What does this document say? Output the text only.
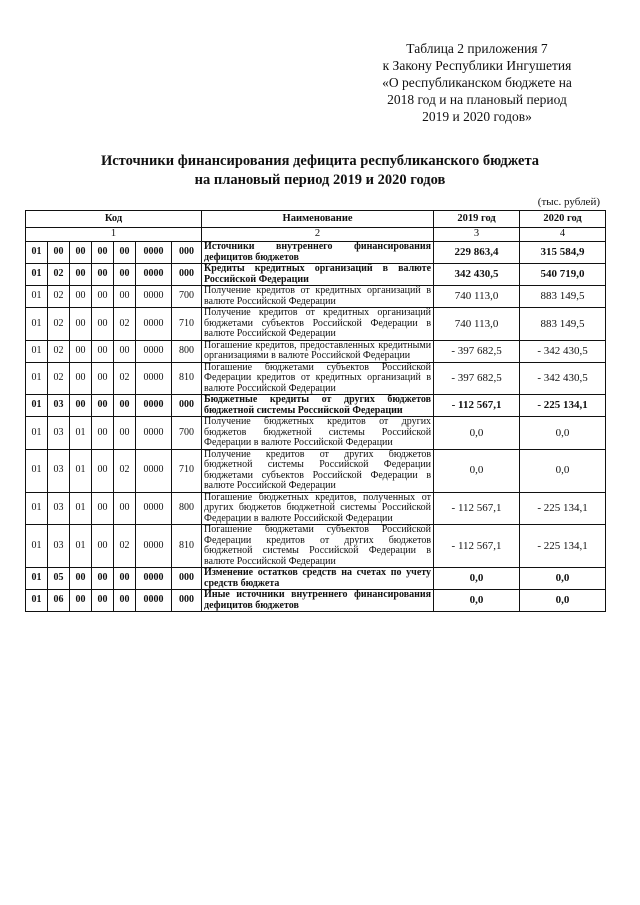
Таблица 2 приложения 7
к Закону Республики Ингушетия
«О республиканском бюджете на
2018 год и на плановый период
2019 и 2020 годов»
Источники финансирования дефицита республиканского бюджета
на плановый период 2019 и 2020 годов
(тыс. рублей)
Код							Наименование	2019 год	2020 год
1							2	3	4
01	00	00	00	00	0000	000	Источники внутреннего финансирования дефицитов бюджетов	229 863,4	315 584,9
01	02	00	00	00	0000	000	Кредиты кредитных организаций в валюте Российской Федерации	342 430,5	540 719,0
01	02	00	00	00	0000	700	Получение кредитов от кредитных организаций в валюте Российской Федерации	740 113,0	883 149,5
01	02	00	00	02	0000	710	Получение кредитов от кредитных организаций бюджетами субъектов Российской Федерации в валюте Российской Федерации	740 113,0	883 149,5
01	02	00	00	00	0000	800	Погашение кредитов, предоставленных кредитными организациями в валюте Российской Федерации	- 397 682,5	- 342 430,5
01	02	00	00	02	0000	810	Погашение бюджетами субъектов Российской Федерации кредитов от кредитных организаций в валюте Российской Федерации	- 397 682,5	- 342 430,5
01	03	00	00	00	0000	000	Бюджетные кредиты от других бюджетов бюджетной системы Российской Федерации	- 112 567,1	- 225 134,1
01	03	01	00	00	0000	700	Получение бюджетных кредитов от других бюджетов бюджетной системы Российской Федерации в валюте Российской Федерации	0,0	0,0
01	03	01	00	02	0000	710	Получение кредитов от других бюджетов бюджетной системы Российской Федерации бюджетами субъектов Российской Федерации в валюте Российской Федерации	0,0	0,0
01	03	01	00	00	0000	800	Погашение бюджетных кредитов, полученных от других бюджетов бюджетной системы Российской Федерации в валюте Российской Федерации	- 112 567,1	- 225 134,1
01	03	01	00	02	0000	810	Погашение бюджетами субъектов Российской Федерации кредитов от других бюджетов бюджетной системы Российской Федерации в валюте Российской Федерации	- 112 567,1	- 225 134,1
01	05	00	00	00	0000	000	Изменение остатков средств на счетах по учету средств бюджета	0,0	0,0
01	06	00	00	00	0000	000	Иные источники внутреннего финансирования дефицитов бюджетов	0,0	0,0
